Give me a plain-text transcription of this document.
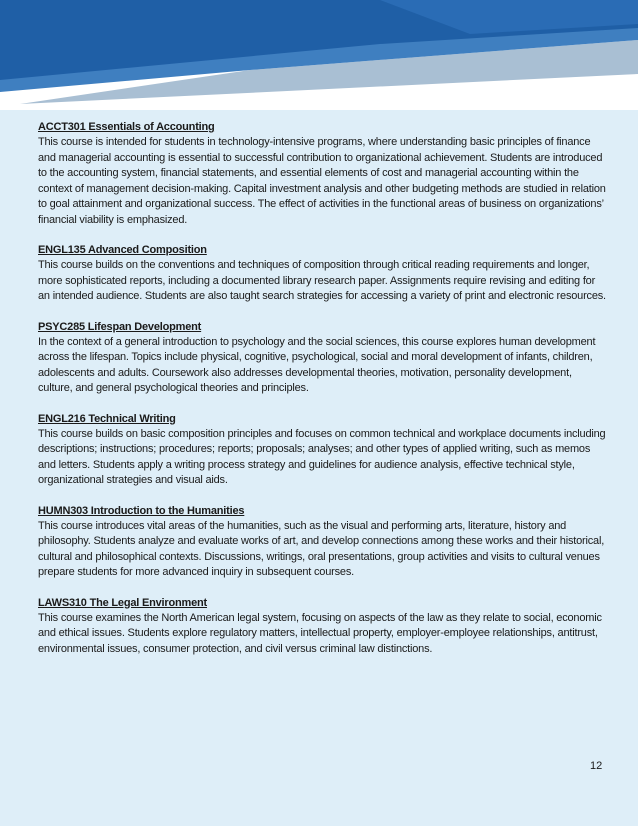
ACCT301 Essentials of Accounting
This course is intended for students in technology-intensive programs, where understanding basic principles of finance and managerial accounting is essential to successful contribution to organizational achievement. Students are introduced to the accounting system, financial statements, and essential elements of cost and managerial accounting within the context of management decision-making. Capital investment analysis and other budgeting methods are studied in relation to goal attainment and organizational success. The effect of activities in the functional areas of business on organizations’ financial viability is emphasized.
ENGL135 Advanced Composition
This course builds on the conventions and techniques of composition through critical reading requirements and longer, more sophisticated reports, including a documented library research paper. Assignments require revising and editing for an intended audience. Students are also taught search strategies for accessing a variety of print and electronic resources.
PSYC285 Lifespan Development
In the context of a general introduction to psychology and the social sciences, this course explores human development across the lifespan. Topics include physical, cognitive, psychological, social and moral development of infants, children, adolescents and adults. Coursework also addresses developmental theories, motivation, personality development, culture, and general psychological theories and principles.
ENGL216 Technical Writing
This course builds on basic composition principles and focuses on common technical and workplace documents including descriptions; instructions; procedures; reports; proposals; analyses; and other types of applied writing, such as memos and letters. Students apply a writing process strategy and guidelines for audience analysis, effective technical style, organizational strategies and visual aids.
HUMN303 Introduction to the Humanities
This course introduces vital areas of the humanities, such as the visual and performing arts, literature, history and philosophy. Students analyze and evaluate works of art, and develop connections among these works and their historical, cultural and philosophical contexts. Discussions, writings, oral presentations, group activities and visits to cultural venues prepare students for more advanced inquiry in subsequent courses.
LAWS310 The Legal Environment
This course examines the North American legal system, focusing on aspects of the law as they relate to social, economic and ethical issues. Students explore regulatory matters, intellectual property, employer-employee relationships, antitrust, environmental issues, consumer protection, and civil versus criminal law distinctions.
12
